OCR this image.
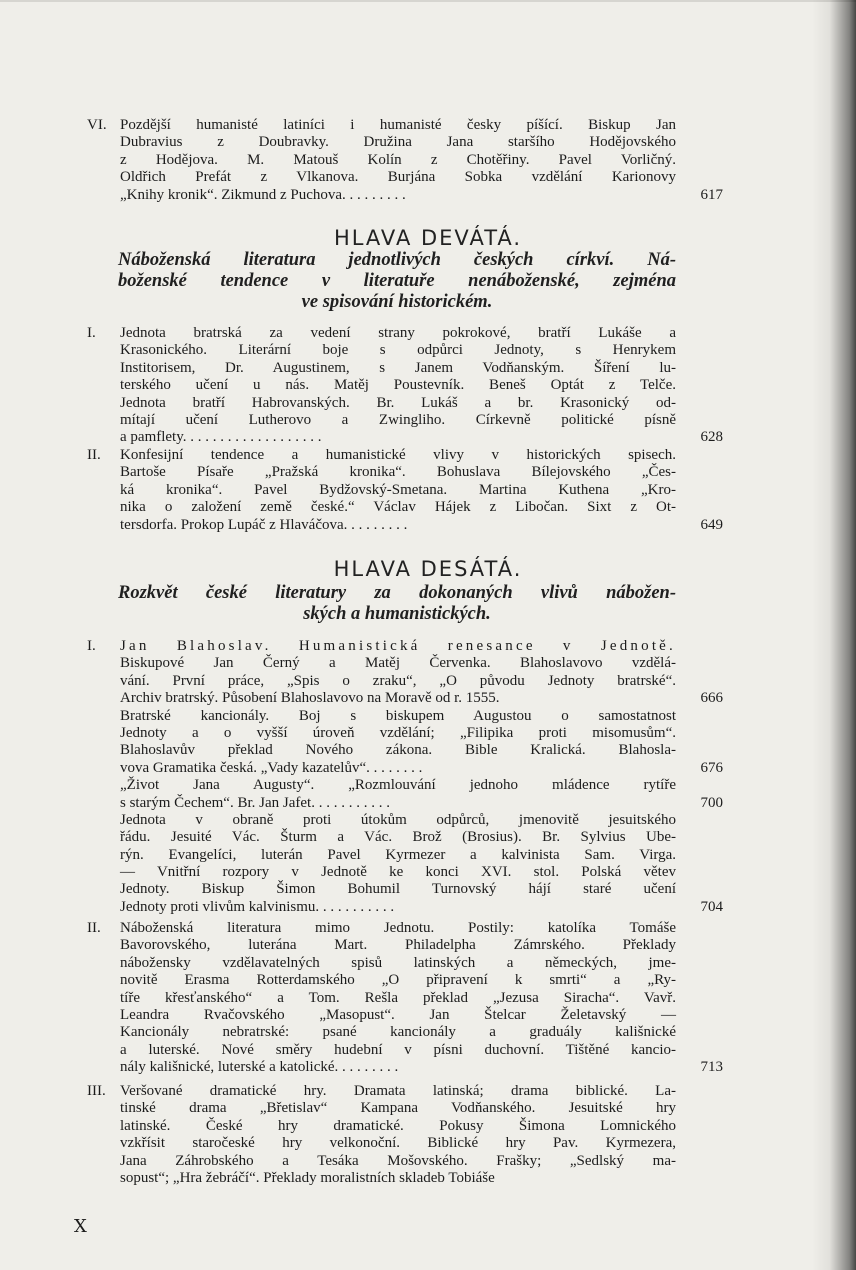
VI. Pozdější humanisté latiníci i humanisté česky píšící. Biskup Jan
Dubravius z Doubravky. Družina Jana staršího Hodějovského
z Hodějova. M. Matouš Kolín z Chotěřiny. Pavel Vorličný.
Oldřich Prefát z Vlkanova. Burjána Sobka vzdělání Karionovy
„Knihy kronik“. Zikmund z Puchova. . . . . . . . .	617
HLAVA DEVÁTÁ.
Náboženská literatura jednotlivých českých církví. Ná-
boženské tendence v literatuře nenáboženské, zejména
ve spisování historickém.
I.	Jednota bratrská za vedení strany pokrokové, bratří Lukáše a
Krasonického. Literární boje s odpůrci Jednoty, s Henrykem
Institorisem, Dr. Augustinem, s Janem Vodňanským. Šíření lu-
terského učení u nás. Matěj Poustevník. Beneš Optát z Telče.
Jednota bratří Habrovanských. Br. Lukáš a br. Krasonický od-
mítají učení Lutherovo a Zwinglihо. Církevně politické písně
a pamflety. . . . . . . . . . . . . . . . . . .	628
II.	Konfesijní tendence a humanistické vlivy v historických spisech.
Bartoše Písaře „Pražská kronika“. Bohuslava Bílejovského „Čes-
ká kronika“. Pavel Bydžovský-Smetana. Martina Kuthena „Kro-
nika o založení země české.“ Václav Hájek z Libočan. Sixt z Ot-
tersdorfa. Prokop Lupáč z Hlaváčova. . . . . . . . .	649
HLAVA DESÁTÁ.
Rozkvět české literatury za dokonaných vlivů nábožen-
ských a humanistických.
I.	Jan Blahoslav. Humanistická renesance v Jednotě.
Biskupové Jan Černý a Matěj Červenka. Blahoslavovo vzdělá-
vání. První práce, „Spis o zraku“, „O původu Jednoty bratrské“.
Archiv bratrský. Působení Blahoslavovo na Moravě od r. 1555.	666
Bratrské kancionály. Boj s biskupem Augustou o samostatnost
Jednoty a o vyšší úroveň vzdělání; „Filipika proti misomusům“.
Blahoslavův překlad Nového zákona. Bible Kralická. Blahosla-
vova Gramatika česká. „Vady kazatelův“. . . . . . . .	676
„Život Jana Augusty“. „Rozmlouvání jednoho mládence rytíře
s starým Čechem“. Br. Jan Jafet. . . . . . . . . . .	700
Jednota v obraně proti útokům odpůrců, jmenovitě jesuitského
řádu. Jesuité Vác. Šturm a Vác. Brož (Brosius). Br. Sylvius Ube-
rýn. Evangelíci, luterán Pavel Kyrmezer a kalvinista Sam. Virga.
— Vnitřní rozpory v Jednotě ke konci XVI. stol. Polská větev
Jednoty. Biskup Šimon Bohumil Turnovský hájí staré učení
Jednoty proti vlivům kalvinismu. . . . . . . . . . .	704
II.	Náboženská literatura mimo Jednotu. Postily: katolíka Tomáše
Bavorovského, luterána Mart. Philadelpha Zámrského. Překlady
nábožensky vzdělavatelných spisů latinských a německých, jme-
novitě Erasma Rotterdamského „O připravení k smrti“ a „Ry-
tíře křesťanského“ a Tom. Rešla překlad „Jezusa Siracha“. Vavř.
Leandra Rvačovského „Masopust“. Jan Štelcar Želetavský —
Kancionály nebratrské: psané kancionály a graduály kališnické
a luterské. Nové směry hudební v písni duchovní. Tištěné kancio-
nály kališnické, luterské a katolické. . . . . . . . .	713
III. Veršované dramatické hry. Dramata latinská; drama biblické. La-
tinské drama „Břetislav“ Kampana Vodňanského. Jesuitské hry
latinské. České hry dramatické. Pokusy Šimona Lomnického
vzkřísit staročeské hry velkonoční. Biblické hry Pav. Kyrmezera,
Jana Záhrobského a Tesáka Mošovského. Frašky; „Sedlský ma-
sopust“; „Hra žebráčí“. Překlady moralistních skladeb Tobiáše
X
